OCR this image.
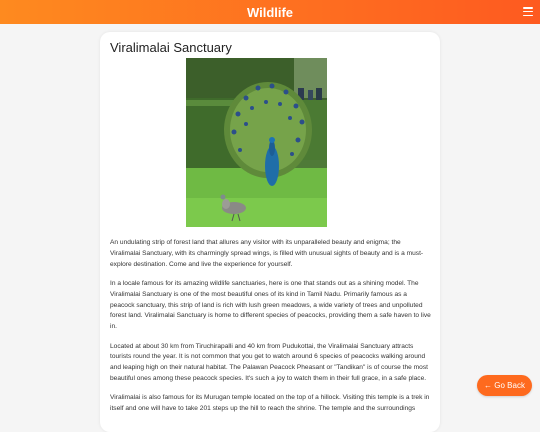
Wildlife
Viralimalai Sanctuary

An undulating strip of forest land that allures any visitor with its unparalleled beauty and enigma; the Viralimalai Sanctuary, with its charmingly spread wings, is filled with unusual sights of beauty and is a must-explore destination. Come and live the experience for yourself.

In a locale famous for its amazing wildlife sanctuaries, here is one that stands out as a shining model. The Viralimalai Sanctuary is one of the most beautiful ones of its kind in Tamil Nadu. Primarily famous as a peacock sanctuary, this strip of land is rich with lush green meadows, a wide variety of trees and unpolluted forest land. Viralimalai Sanctuary is home to different species of peacocks, providing them a safe haven to live in.

Located at about 30 km from Tiruchirapalli and 40 km from Pudukottai, the Viralimalai Sanctuary attracts tourists round the year. It is not common that you get to watch around 6 species of peacocks walking around and leaping high on their natural habitat. The Palawan Peacock Pheasant or "Tandikan" is of course the most beautiful ones among these peacock species. It's such a joy to watch them in their full grace, in a safe place.

Viralimalai is also famous for its Murugan temple located on the top of a hillock. Visiting this temple is a trek in itself and one will have to take 201 steps up the hill to reach the shrine. The temple and the surroundings

← Go Back
